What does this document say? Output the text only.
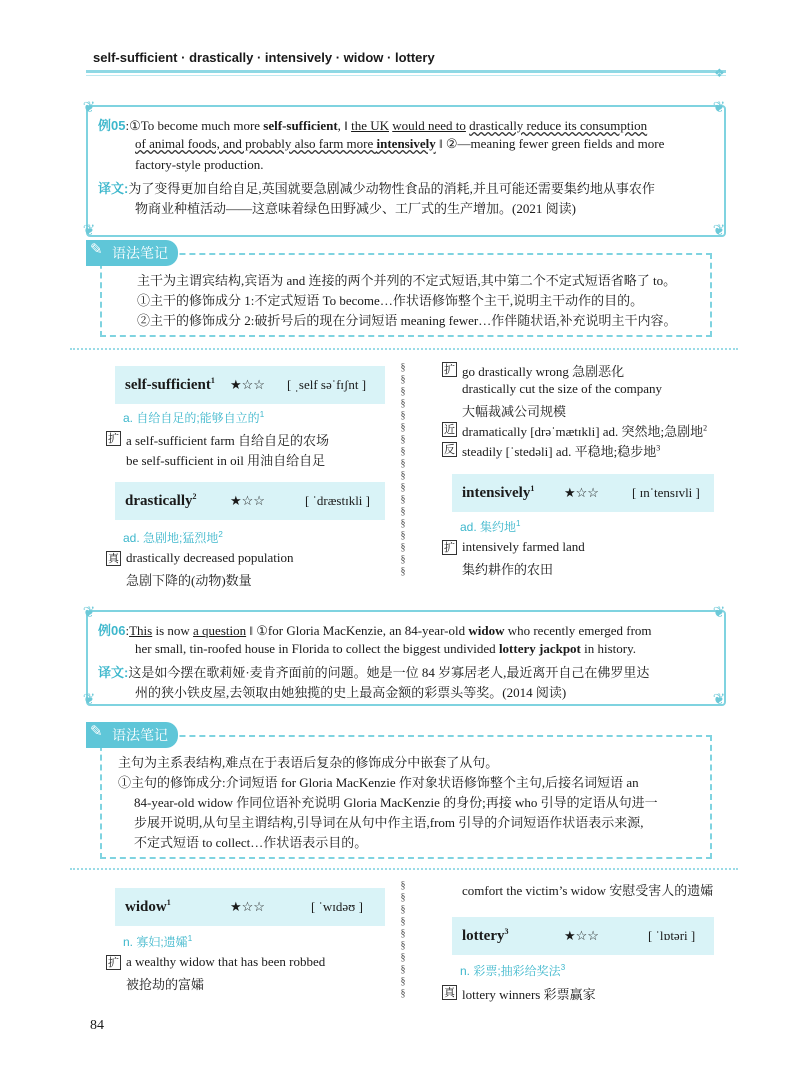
self-sufficient · drastically · intensively · widow · lottery
❖
❦	❦
❦	❦
例05:①To become much more self-sufficient, ‖ the UK would need to drastically reduce its consumption
of animal foods, and probably also farm more intensively ‖ ②—meaning fewer green fields and more
factory-style production.
译文:为了变得更加自给自足,英国就要急剧减少动物性食品的消耗,并且可能还需要集约地从事农作
物商业种植活动——这意味着绿色田野减少、工厂式的生产增加。(2021 阅读)
语法笔记
✎
主干为主谓宾结构,宾语为 and 连接的两个并列的不定式短语,其中第二个不定式短语省略了 to。
①主干的修饰成分 1:不定式短语 To become…作状语修饰整个主干,说明主干动作的目的。
②主干的修饰成分 2:破折号后的现在分词短语 meaning fewer…作伴随状语,补充说明主干内容。
self-sufficient$^1$ ★☆☆ [ ˌself səˈfɪʃnt ]
a. 自给自足的;能够自立的$^1$
扩 a self-sufficient farm 自给自足的农场
be self-sufficient in oil 用油自给自足
drastically$^2$	★☆☆	[ ˈdræstɪkli ]
ad. 急剧地;猛烈地$^2$
真 drastically decreased population
急剧下降的(动物)数量
§
§
§
§
§
§
§
§
§
§
§
§
§
§
§
§
§
§
扩 go drastically wrong 急剧恶化
drastically cut the size of the company
大幅裁减公司规模
近 dramatically [drəˈmætɪkli] ad. 突然地;急剧地$^2$
反 steadily [ˈstedəli] ad. 平稳地;稳步地$^3$
intensively$^1$ ★☆☆	[ ɪnˈtensɪvli ]
ad. 集约地$^1$
扩 intensively farmed land
集约耕作的农田
❦	❦
❦	❦
例06:This is now a question ‖ ①for Gloria MacKenzie, an 84-year-old widow who recently emerged from
her small, tin-roofed house in Florida to collect the biggest undivided lottery jackpot in history.
译文:这是如今摆在歌莉娅·麦肯齐面前的问题。她是一位 84 岁寡居老人,最近离开自己在佛罗里达
州的狭小铁皮屋,去领取由她独揽的史上最高金额的彩票头等奖。(2014 阅读)
语法笔记
✎
主句为主系表结构,难点在于表语后复杂的修饰成分中嵌套了从句。
①主句的修饰成分:介词短语 for Gloria MacKenzie 作对象状语修饰整个主句,后接名词短语 an
84-year-old widow 作同位语补充说明 Gloria MacKenzie 的身份;再接 who 引导的定语从句进一
步展开说明,从句呈主谓结构,引导词在从句中作主语,from 引导的介词短语作状语表示来源,
不定式短语 to collect…作状语表示目的。
widow$^1$	★☆☆	[ ˈwɪdəʊ ]
n. 寡妇;遗孀$^1$
扩 a wealthy widow that has been robbed
被抢劫的富孀
§
§
§
§
§
§
§
§
§
§
comfort the victim’s widow 安慰受害人的遗孀
lottery$^3$	★☆☆	[ ˈlɒtəri ]
n. 彩票;抽彩给奖法$^3$
真 lottery winners 彩票赢家
84
